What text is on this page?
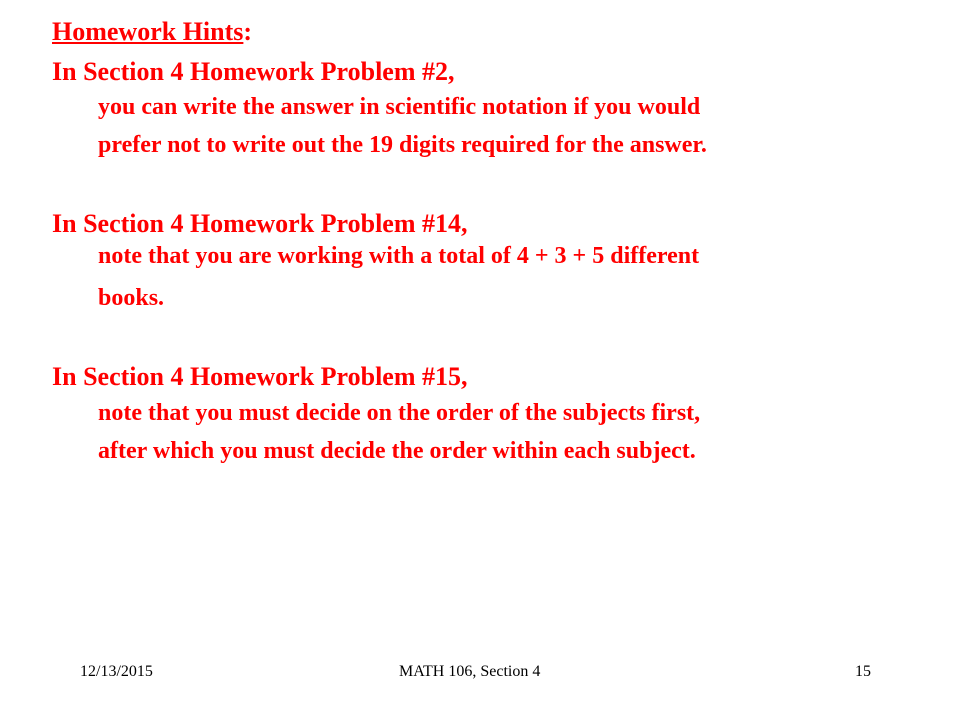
Homework Hints:
In Section 4 Homework Problem #2,
you can write the answer in scientific notation if you would
prefer not to write out the 19 digits required for the answer.
In Section 4 Homework Problem #14,
note that you are working with a total of 4 + 3 + 5 different
books.
In Section 4 Homework Problem #15,
note that you must decide on the order of the subjects first,
after which you must decide the order within each subject.
12/13/2015	MATH 106, Section 4	15
